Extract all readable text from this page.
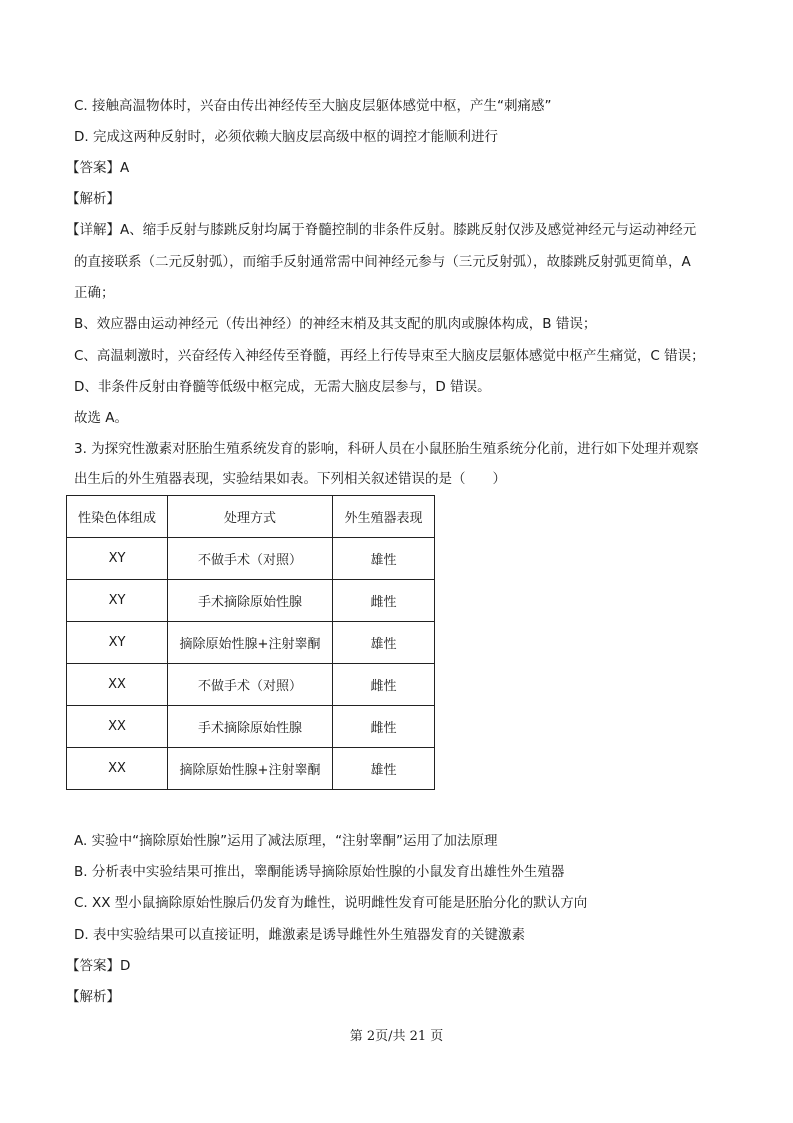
C. 接触高温物体时，兴奋由传出神经传至大脑皮层躯体感觉中枢，产生“刺痛感”
D. 完成这两种反射时，必须依赖大脑皮层高级中枢的调控才能顺利进行
【答案】A
【解析】
【详解】A、缩手反射与膝跳反射均属于脊髓控制的非条件反射。膝跳反射仅涉及感觉神经元与运动神经元
的直接联系（二元反射弧），而缩手反射通常需中间神经元参与（三元反射弧），故膝跳反射弧更简单，A
正确；
B、效应器由运动神经元（传出神经）的神经末梢及其支配的肌肉或腺体构成，B 错误；
C、高温刺激时，兴奋经传入神经传至脊髓，再经上行传导束至大脑皮层躯体感觉中枢产生痛觉，C 错误；
D、非条件反射由脊髓等低级中枢完成，无需大脑皮层参与，D 错误。
故选 A。
3. 为探究性激素对胚胎生殖系统发育的影响，科研人员在小鼠胚胎生殖系统分化前，进行如下处理并观察
出生后的外生殖器表现，实验结果如表。下列相关叙述错误的是（　　）
性染色体组成	处理方式	外生殖器表现
XY	不做手术（对照）	雄性
XY	手术摘除原始性腺	雌性
XY	摘除原始性腺+注射睾酮	雄性
XX	不做手术（对照）	雌性
XX	手术摘除原始性腺	雌性
XX	摘除原始性腺+注射睾酮	雄性
A. 实验中“摘除原始性腺”运用了减法原理，“注射睾酮”运用了加法原理
B. 分析表中实验结果可推出，睾酮能诱导摘除原始性腺的小鼠发育出雄性外生殖器
C. XX 型小鼠摘除原始性腺后仍发育为雌性，说明雌性发育可能是胚胎分化的默认方向
D. 表中实验结果可以直接证明，雌激素是诱导雌性外生殖器发育的关键激素
【答案】D
【解析】
第 2页/共 21 页
